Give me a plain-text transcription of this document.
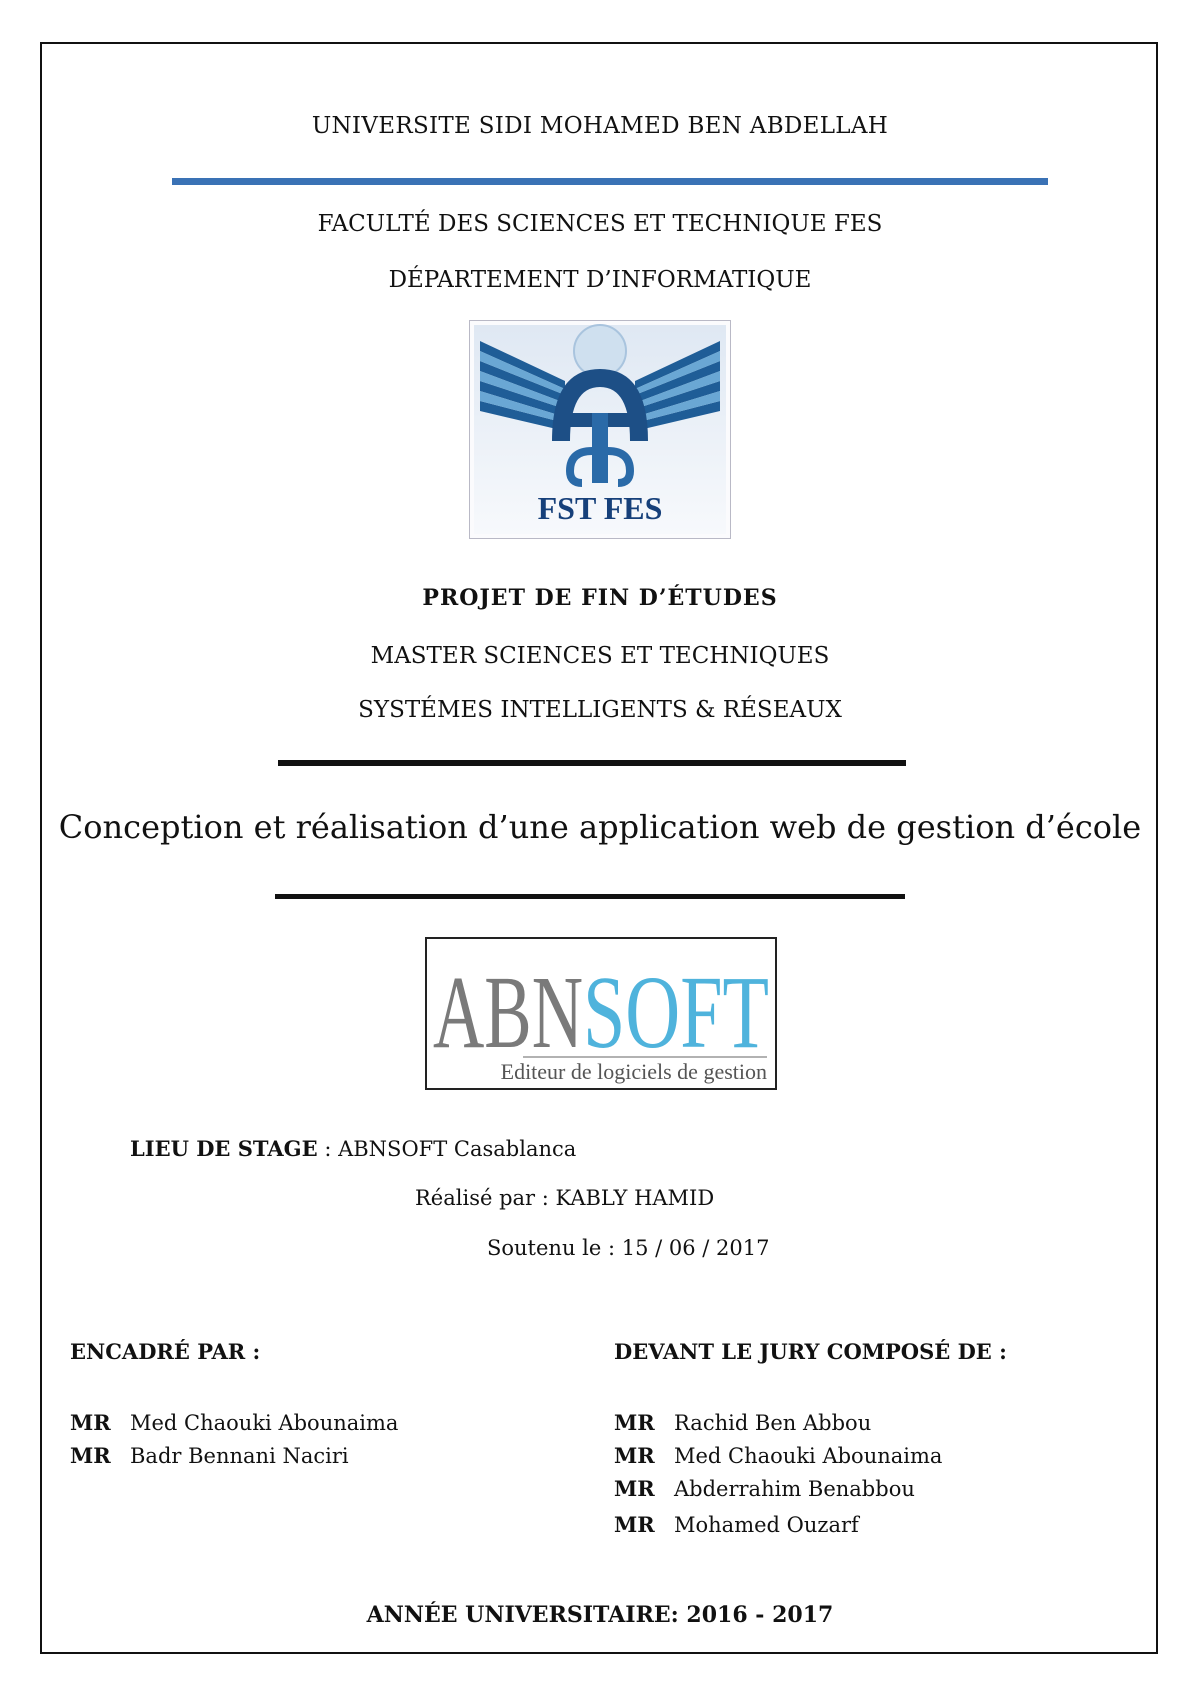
UNIVERSITE SIDI MOHAMED BEN ABDELLAH
FACULTÉ DES SCIENCES ET TECHNIQUE FES
DÉPARTEMENT D’INFORMATIQUE
FST FES
PROJET DE FIN D’ÉTUDES
MASTER SCIENCES ET TECHNIQUES
SYSTÉMES INTELLIGENTS & RÉSEAUX
Conception et réalisation d’une application web de gestion d’école
ABN SOFT
Editeur de logiciels de gestion
LIEU DE STAGE : ABNSOFT Casablanca
Réalisé par : KABLY HAMID
Soutenu le : 15 / 06 / 2017
ENCADRÉ PAR :
MR Med Chaouki Abounaima
MR Badr Bennani Naciri
DEVANT LE JURY COMPOSÉ DE :
MR Rachid Ben Abbou
MR Med Chaouki Abounaima
MR Abderrahim Benabbou
MR Mohamed Ouzarf
ANNÉE UNIVERSITAIRE: 2016 - 2017
